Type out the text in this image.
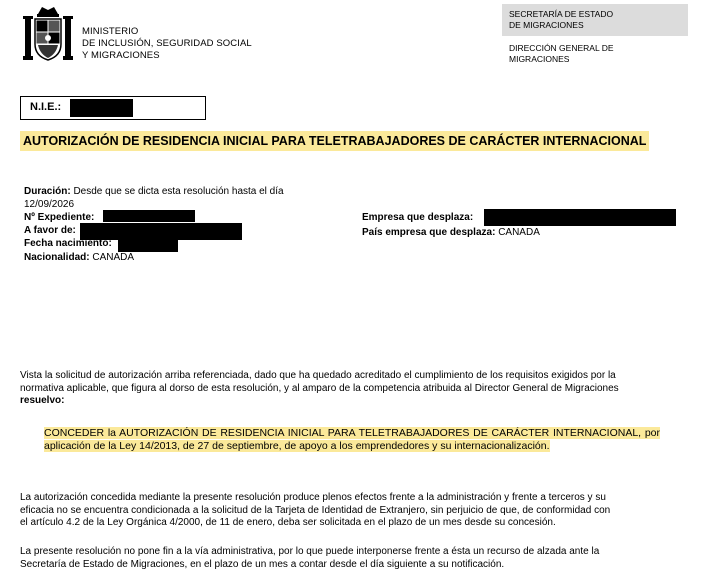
MINISTERIO
DE INCLUSIÓN, SEGURIDAD SOCIAL
Y MIGRACIONES
SECRETARÍA DE ESTADO
DE MIGRACIONES
DIRECCIÓN GENERAL DE
MIGRACIONES
N.I.E.:
AUTORIZACIÓN DE RESIDENCIA INICIAL PARA TELETRABAJADORES DE CARÁCTER INTERNACIONAL
Duración: Desde que se dicta esta resolución hasta el día
12/09/2026
Nº Expediente:
A favor de:
Fecha nacimiento:
Nacionalidad: CANADA
Empresa que desplaza:
País empresa que desplaza: CANADA
Vista la solicitud de autorización arriba referenciada, dado que ha quedado acreditado el cumplimiento de los requisitos exigidos por la
normativa aplicable, que figura al dorso de esta resolución, y al amparo de la competencia atribuida al Director General de Migraciones
resuelvo:
CONCEDER la AUTORIZACIÓN DE RESIDENCIA INICIAL PARA TELETRABAJADORES DE CARÁCTER INTERNACIONAL, por aplicación de la Ley 14/2013, de 27 de septiembre, de apoyo a los emprendedores y su internacionalización.
La autorización concedida mediante la presente resolución produce plenos efectos frente a la administración y frente a terceros y su
eficacia no se encuentra condicionada a la solicitud de la Tarjeta de Identidad de Extranjero, sin perjuicio de que, de conformidad con
el artículo 4.2 de la Ley Orgánica 4/2000, de 11 de enero, deba ser solicitada en el plazo de un mes desde su concesión.
La presente resolución no pone fin a la vía administrativa, por lo que puede interponerse frente a ésta un recurso de alzada ante la
Secretaría de Estado de Migraciones, en el plazo de un mes a contar desde el día siguiente a su notificación.
